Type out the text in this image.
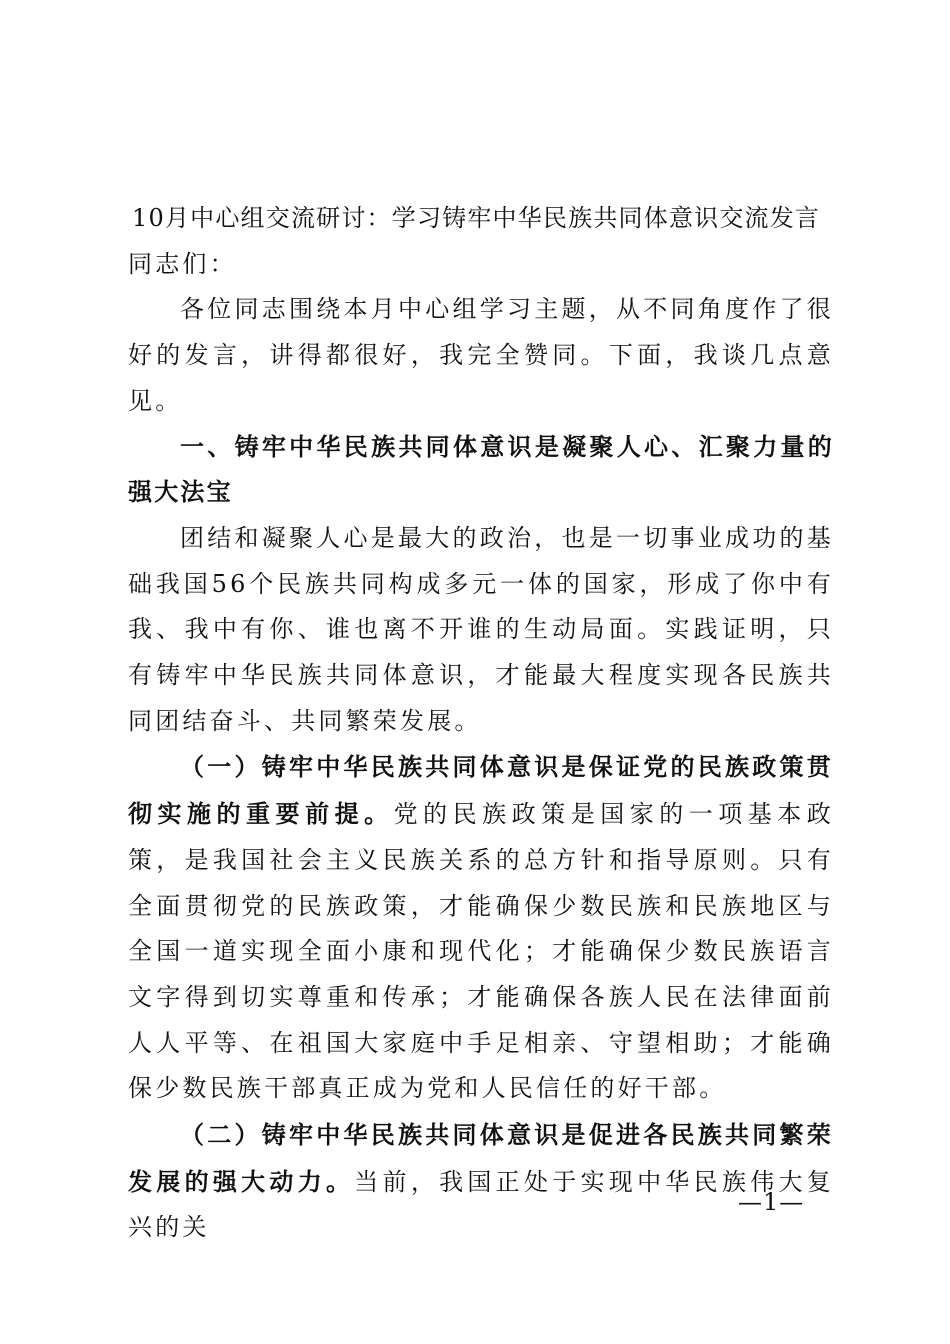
10月中心组交流研讨：学习铸牢中华民族共同体意识交流发言

同志们：

各位同志围绕本月中心组学习主题，从不同角度作了很好的发言，讲得都很好，我完全赞同。下面，我谈几点意见。

一、铸牢中华民族共同体意识是凝聚人心、汇聚力量的强大法宝

团结和凝聚人心是最大的政治，也是一切事业成功的基础我国56个民族共同构成多元一体的国家，形成了你中有我、我中有你、谁也离不开谁的生动局面。实践证明，只有铸牢中华民族共同体意识，才能最大程度实现各民族共同团结奋斗、共同繁荣发展。

（一）铸牢中华民族共同体意识是保证党的民族政策贯彻实施的重要前提。党的民族政策是国家的一项基本政策，是我国社会主义民族关系的总方针和指导原则。只有全面贯彻党的民族政策，才能确保少数民族和民族地区与全国一道实现全面小康和现代化；才能确保少数民族语言文字得到切实尊重和传承；才能确保各族人民在法律面前人人平等、在祖国大家庭中手足相亲、守望相助；才能确保少数民族干部真正成为党和人民信任的好干部。

（二）铸牢中华民族共同体意识是促进各民族共同繁荣发展的强大动力。当前，我国正处于实现中华民族伟大复兴的关

—1—
